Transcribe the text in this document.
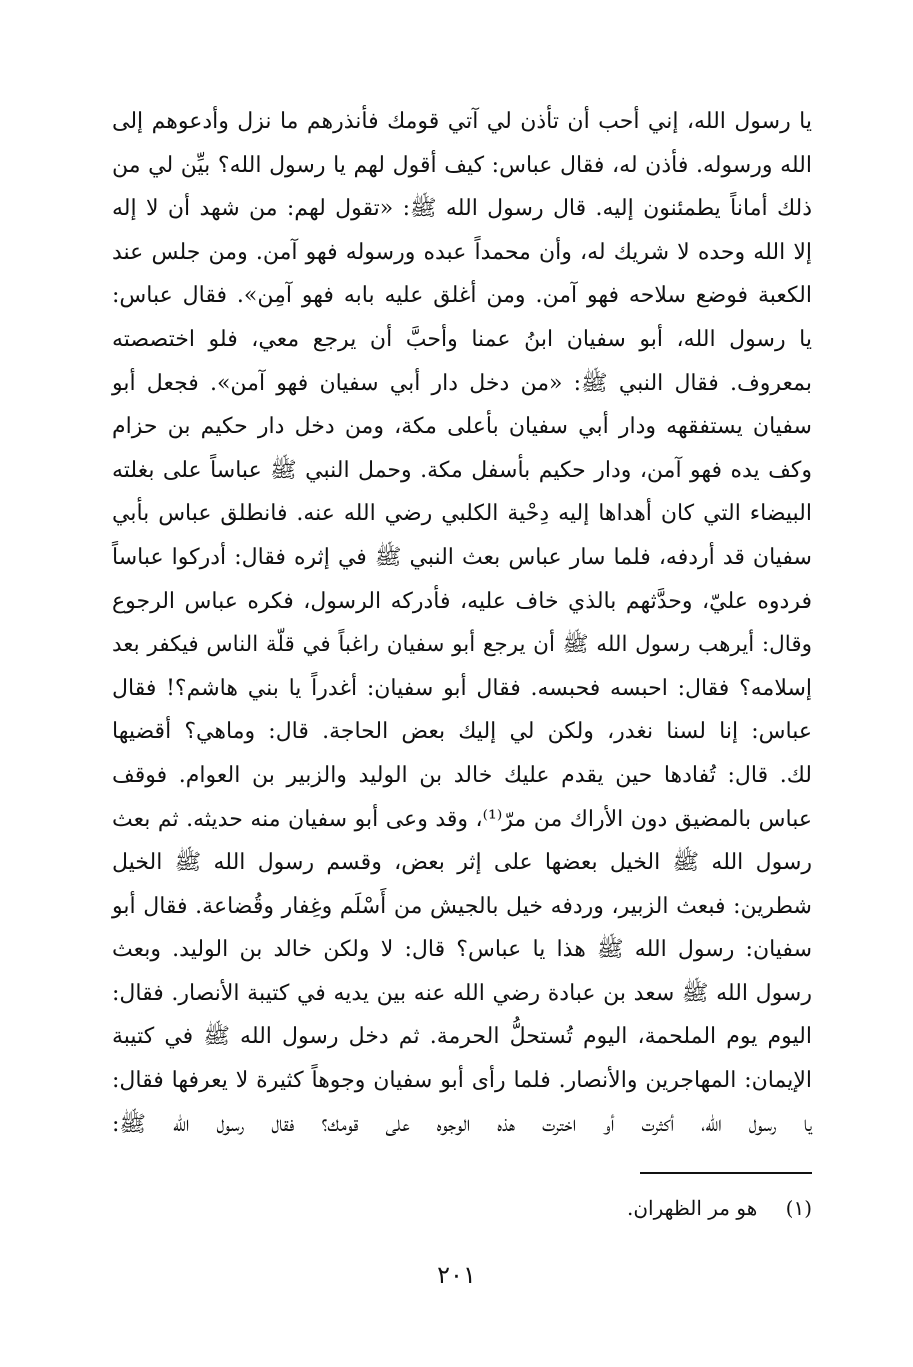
يا رسول الله، إني أحب أن تأذن لي آتي قومك فأنذرهم ما نزل وأدعوهم إلى
الله ورسوله. فأذن له، فقال عباس: كيف أقول لهم يا رسول الله؟ بيِّن لي من
ذلك أماناً يطمئنون إليه. قال رسول الله ﷺ: «تقول لهم: من شهد أن لا إله
إلا الله وحده لا شريك له، وأن محمداً عبده ورسوله فهو آمن. ومن جلس عند
الكعبة فوضع سلاحه فهو آمن. ومن أغلق عليه بابه فهو آمِن». فقال عباس:
يا رسول الله، أبو سفيان ابنُ عمنا وأحبَّ أن يرجع معي، فلو اختصصته
بمعروف. فقال النبي ﷺ: «من دخل دار أبي سفيان فهو آمن». فجعل أبو
سفيان يستفقهه ودار أبي سفيان بأعلى مكة، ومن دخل دار حكيم بن حزام
وكف يده فهو آمن، ودار حكيم بأسفل مكة. وحمل النبي ﷺ عباساً على بغلته
البيضاء التي كان أهداها إليه دِحْية الكلبي رضي الله عنه. فانطلق عباس بأبي
سفيان قد أردفه، فلما سار عباس بعث النبي ﷺ في إثره فقال: أدركوا عباساً
فردوه عليّ، وحدَّثهم بالذي خاف عليه، فأدركه الرسول، فكره عباس الرجوع
وقال: أيرهب رسول الله ﷺ أن يرجع أبو سفيان راغباً في قلّة الناس فيكفر بعد
إسلامه؟ فقال: احبسه فحبسه. فقال أبو سفيان: أغدراً يا بني هاشم؟! فقال
عباس: إنا لسنا نغدر، ولكن لي إليك بعض الحاجة. قال: وماهي؟ أقضيها
لك. قال: تُفادها حين يقدم عليك خالد بن الوليد والزبير بن العوام. فوقف
عباس بالمضيق دون الأراك من مرّ⁽¹⁾، وقد وعى أبو سفيان منه حديثه. ثم بعث
رسول الله ﷺ الخيل بعضها على إثر بعض، وقسم رسول الله ﷺ الخيل
شطرين: فبعث الزبير، وردفه خيل بالجيش من أَسْلَم وغِفار وقُضاعة. فقال أبو
سفيان: رسول الله ﷺ هذا يا عباس؟ قال: لا ولكن خالد بن الوليد. وبعث
رسول الله ﷺ سعد بن عبادة رضي الله عنه بين يديه في كتيبة الأنصار. فقال:
اليوم يوم الملحمة، اليوم تُستحلُّ الحرمة. ثم دخل رسول الله ﷺ في كتيبة
الإيمان: المهاجرين والأنصار. فلما رأى أبو سفيان وجوهاً كثيرة لا يعرفها فقال:
يا رسول الله، أكثرت أو اخترت هذه الوجوه على قومك؟ فقال رسول الله ﷺ:
(١) هو مر الظهران.
٢٠١
